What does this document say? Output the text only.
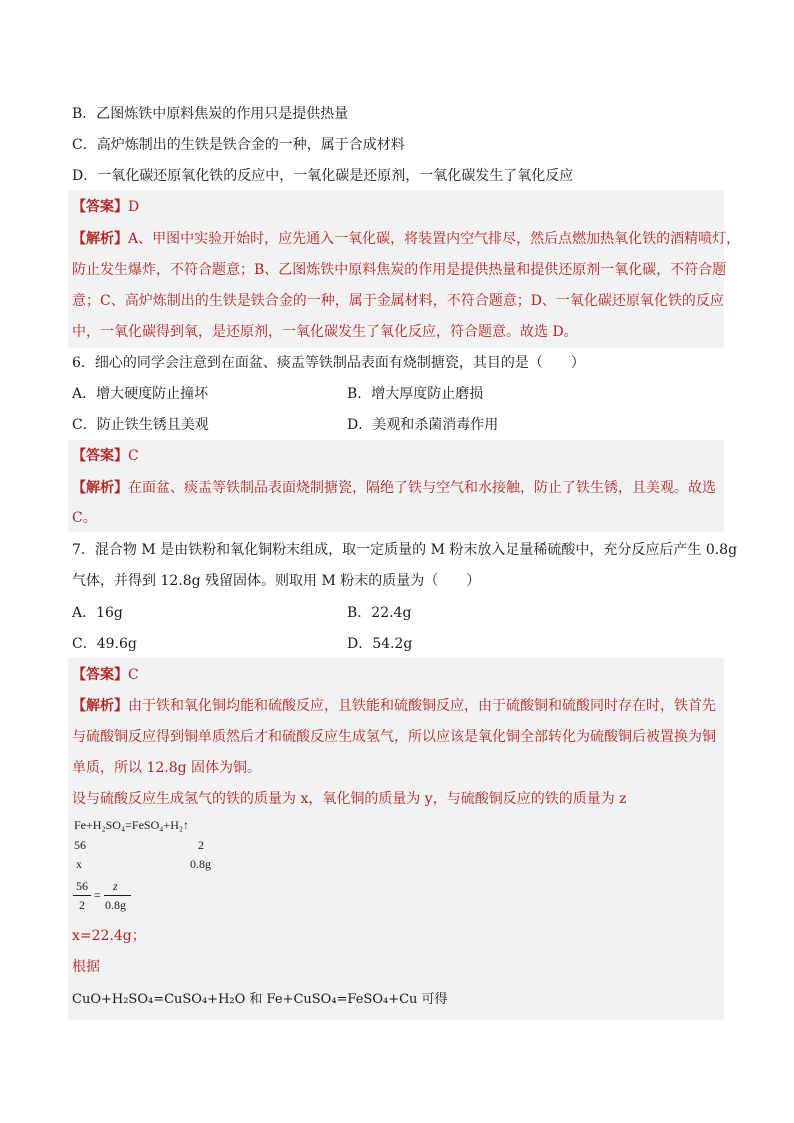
B．乙图炼铁中原料焦炭的作用只是提供热量
C．高炉炼制出的生铁是铁合金的一种，属于合成材料
D．一氧化碳还原氧化铁的反应中，一氧化碳是还原剂，一氧化碳发生了氧化反应
【答案】D
【解析】A、甲图中实验开始时，应先通入一氧化碳，将装置内空气排尽，然后点燃加热氧化铁的酒精喷灯，
防止发生爆炸，不符合题意；B、乙图炼铁中原料焦炭的作用是提供热量和提供还原剂一氧化碳，不符合题
意；C、高炉炼制出的生铁是铁合金的一种，属于金属材料，不符合题意；D、一氧化碳还原氧化铁的反应
中，一氧化碳得到氧，是还原剂，一氧化碳发生了氧化反应，符合题意。故选 D。
6．细心的同学会注意到在面盆、痰盂等铁制品表面有烧制搪瓷，其目的是（　　）
A．增大硬度防止撞坏	B．增大厚度防止磨损
C．防止铁生锈且美观	D．美观和杀菌消毒作用
【答案】C
【解析】在面盆、痰盂等铁制品表面烧制搪瓷，隔绝了铁与空气和水接触，防止了铁生锈，且美观。故选
C。
7．混合物 M 是由铁粉和氧化铜粉末组成，取一定质量的 M 粉末放入足量稀硫酸中，充分反应后产生 0.8g
气体，并得到 12.8g 残留固体。则取用 M 粉末的质量为（　　）
A．16g	B．22.4g
C．49.6g	D．54.2g
【答案】C
【解析】由于铁和氧化铜均能和硫酸反应，且铁能和硫酸铜反应，由于硫酸铜和硫酸同时存在时，铁首先
与硫酸铜反应得到铜单质然后才和硫酸反应生成氢气，所以应该是氧化铜全部转化为硫酸铜后被置换为铜
单质，所以 12.8g 固体为铜。
设与硫酸反应生成氢气的铁的质量为 x，氧化铜的质量为 y，与硫酸铜反应的铁的质量为 z
Fe+H₂SO₄=FeSO₄+H₂↑
56	2
x	0.8g
56
2
=
z
0.8g
x=22.4g；
根据
CuO+H₂SO₄=CuSO₄+H₂O 和 Fe+CuSO₄=FeSO₄+Cu 可得
